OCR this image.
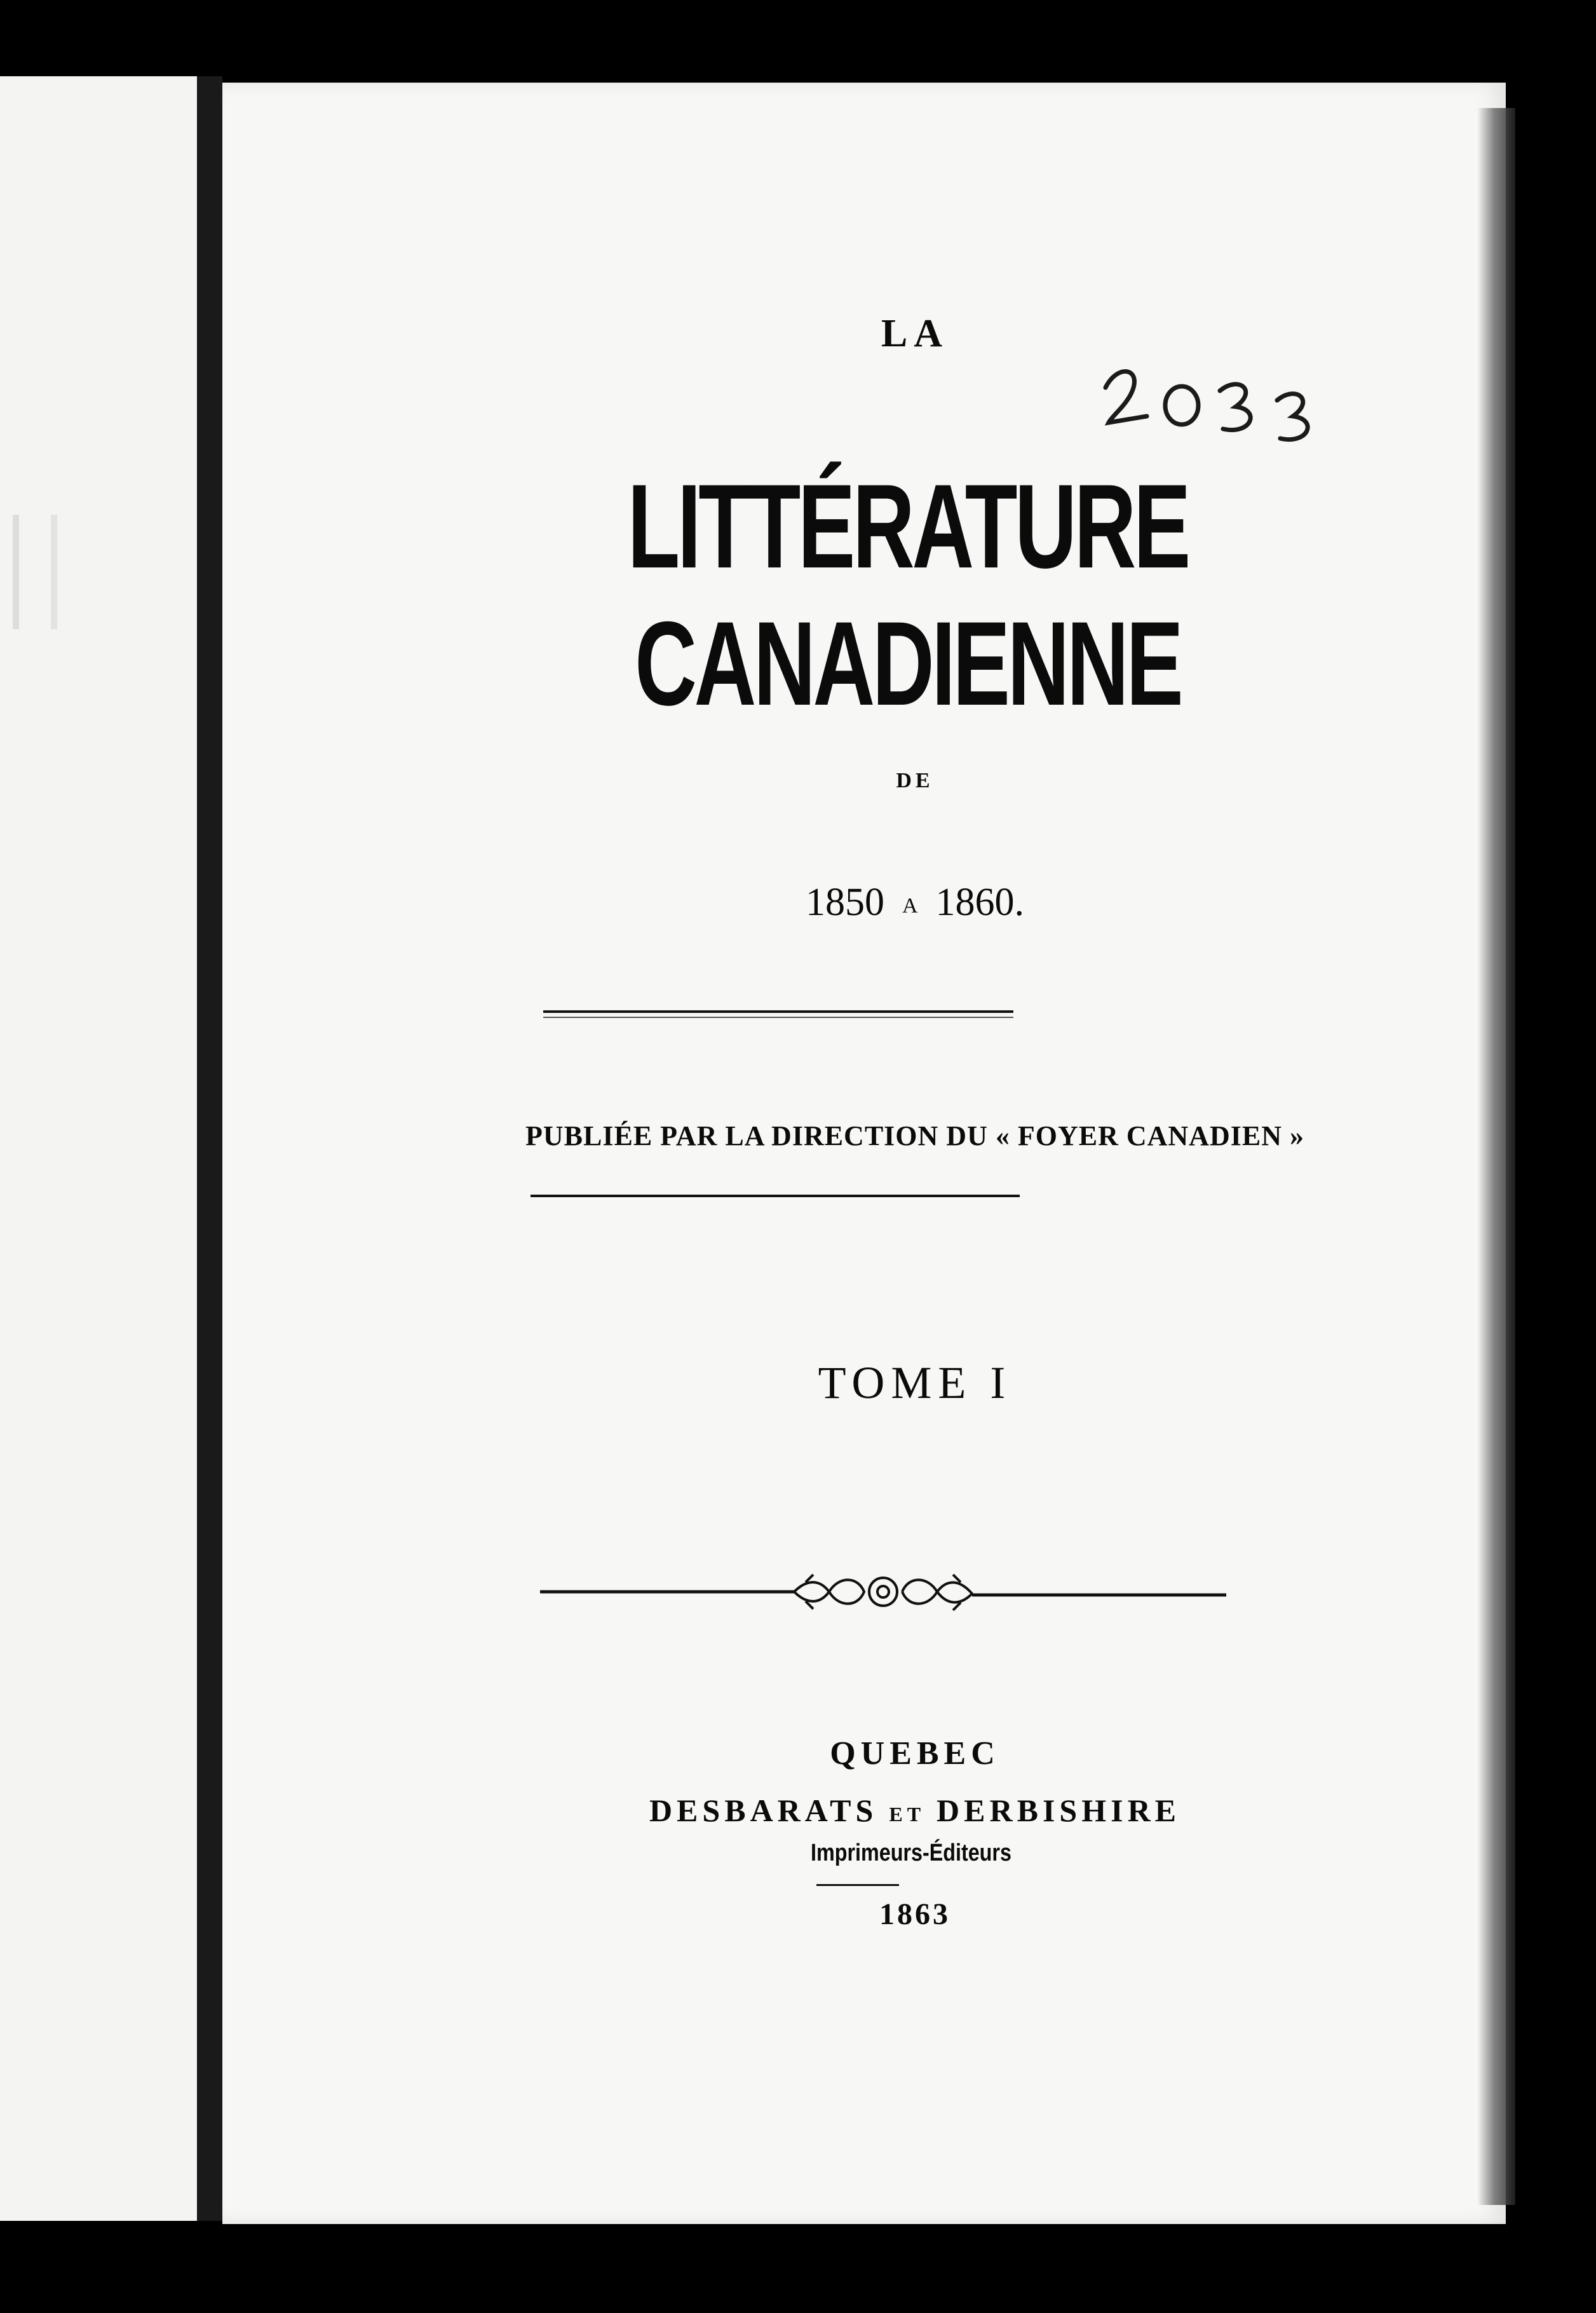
LA
LITTÉRATURE CANADIENNE
DE
1850 A 1860.
PUBLIÉE PAR LA DIRECTION DU « FOYER CANADIEN »
TOME I
QUEBEC
DESBARATS ET DERBISHIRE
Imprimeurs-Éditeurs
1863
